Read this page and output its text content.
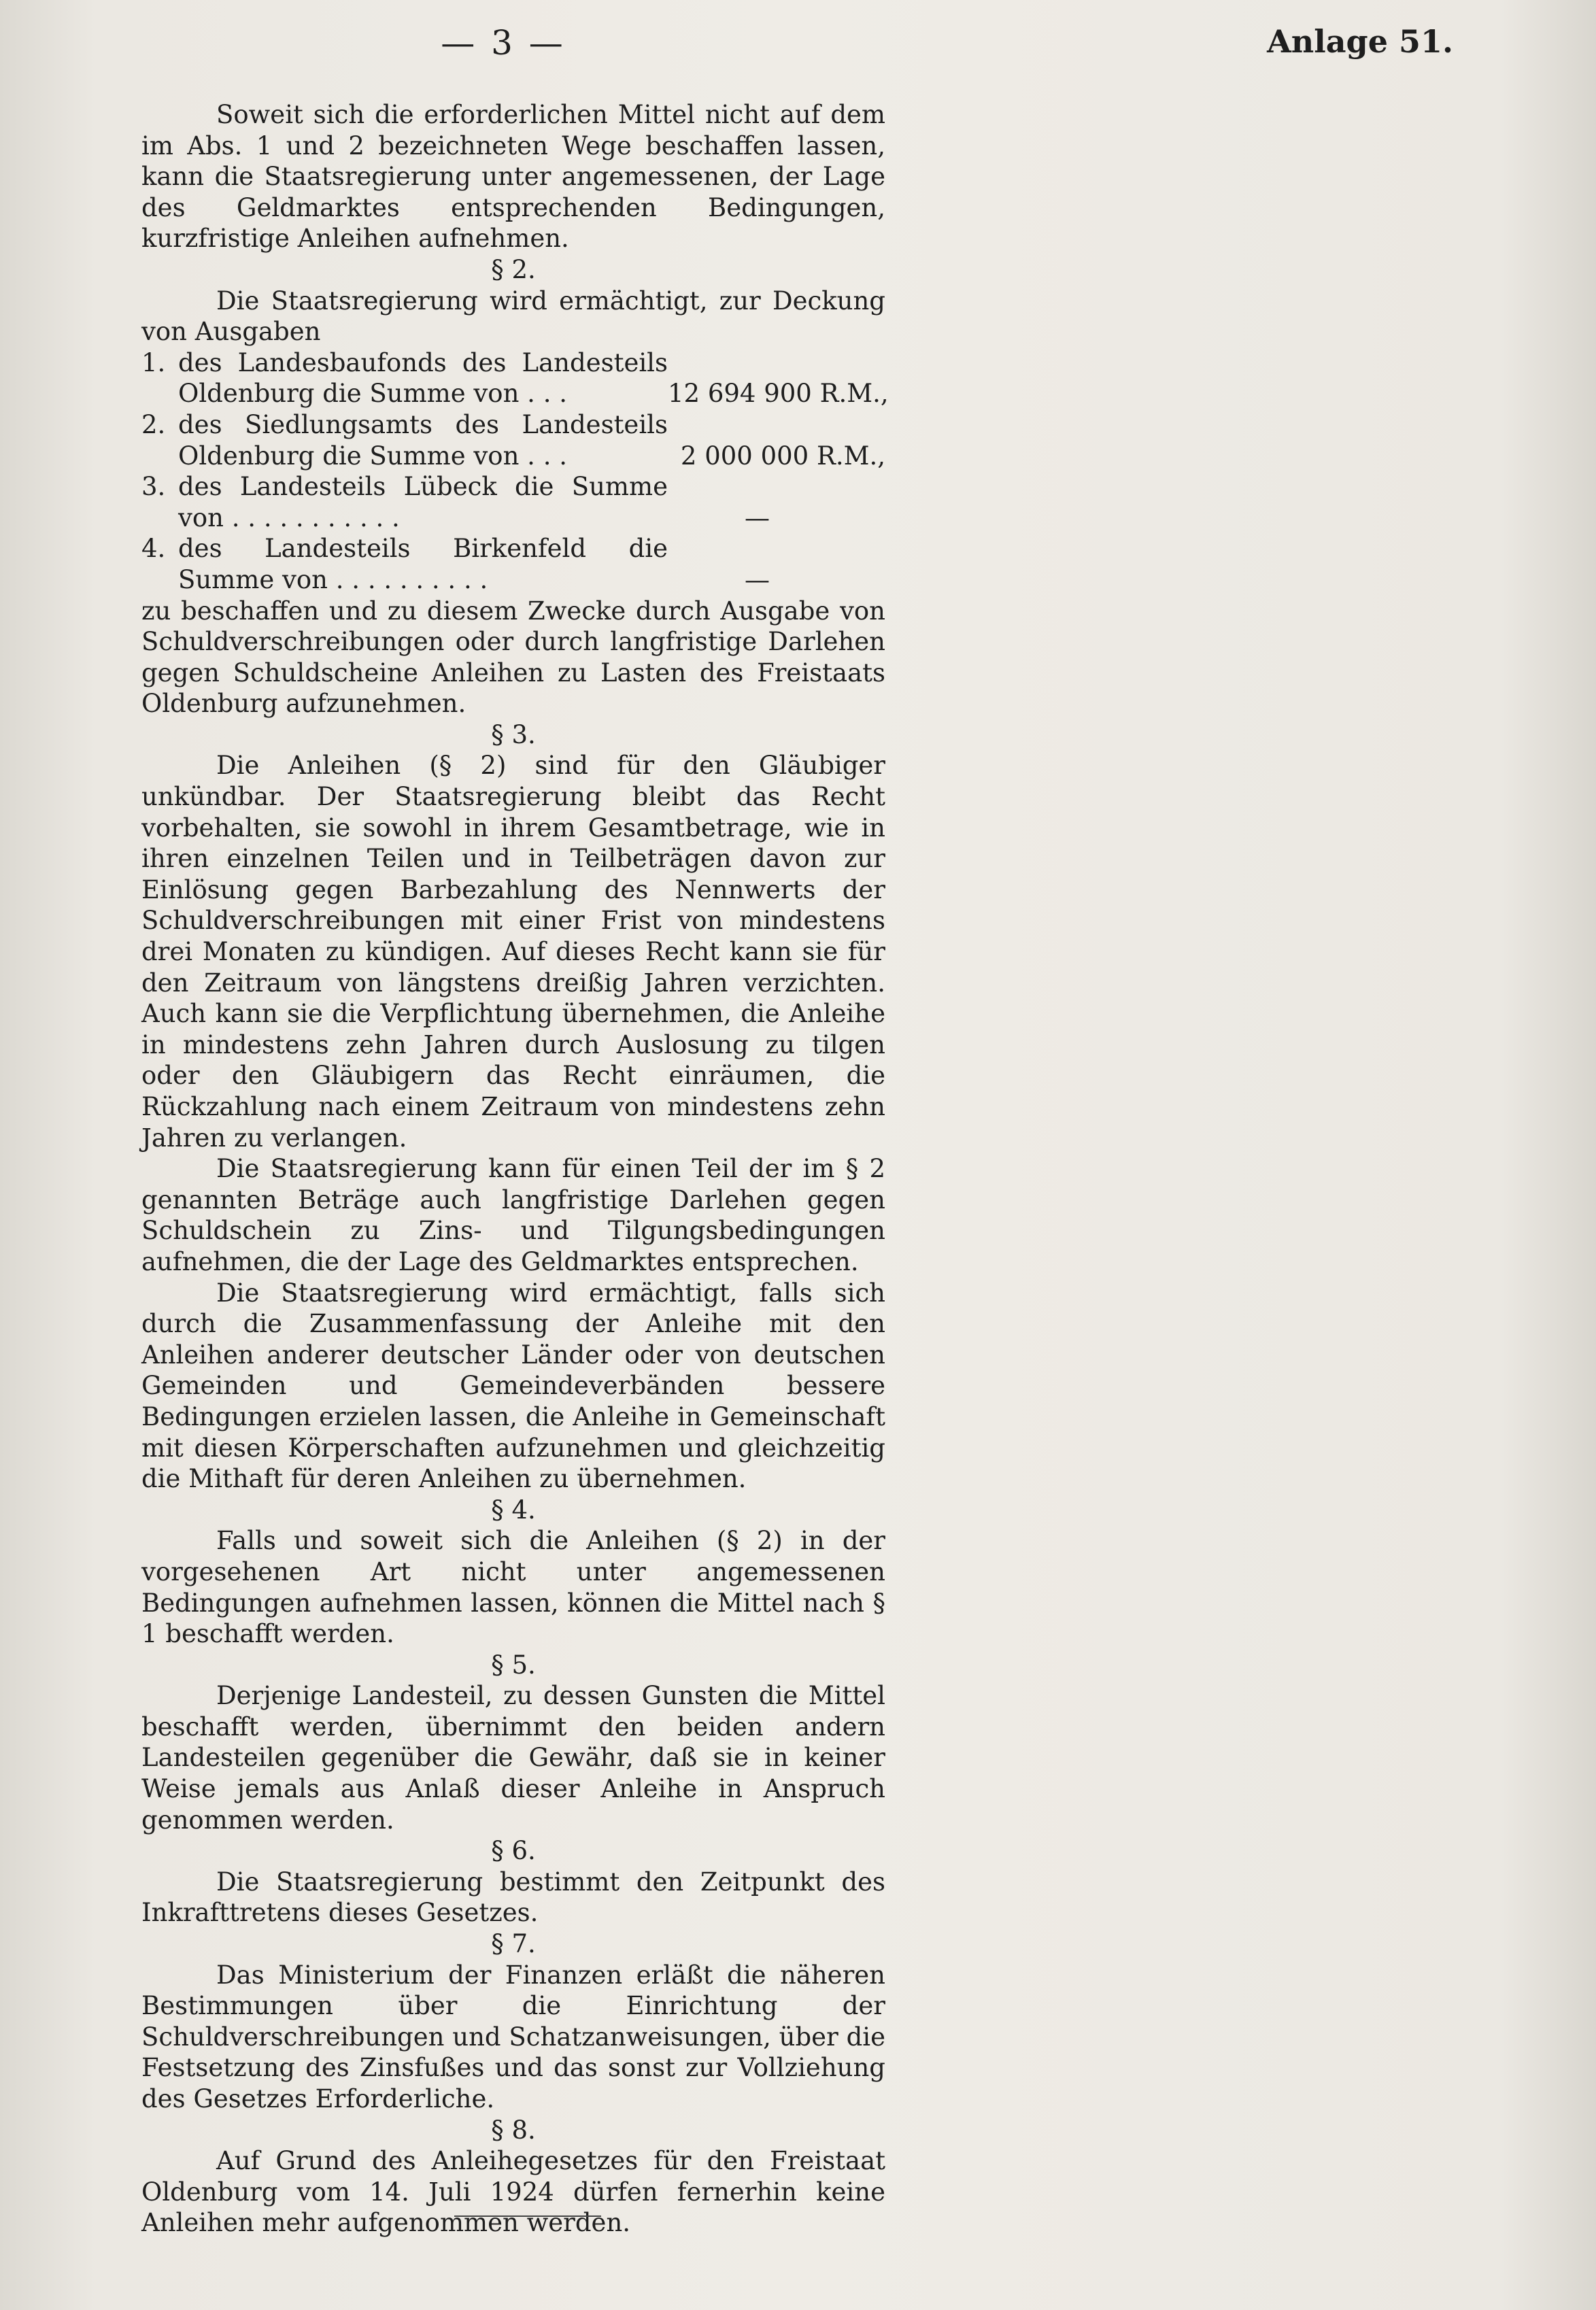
— 3 —	Anlage 51.

Soweit sich die erforderlichen Mittel nicht auf dem im Abs. 1 und 2 bezeichneten Wege beschaffen lassen, kann die Staatsregierung unter angemessenen, der Lage des Geldmarktes entsprechenden Bedingungen, kurzfristige Anleihen aufnehmen.

§ 2.

Die Staatsregierung wird ermächtigt, zur Deckung von Ausgaben

1. des Landesbaufonds des Landesteils Oldenburg die Summe von . . .	12 694 900 R.M.,
2. des Siedlungsamts des Landesteils Oldenburg die Summe von . . .	2 000 000 R.M.,
3. des Landesteils Lübeck die Summe von . . . . . . . . . . .	—
4. des Landesteils Birkenfeld die Summe von . . . . . . . . . .	—

zu beschaffen und zu diesem Zwecke durch Ausgabe von Schuldverschreibungen oder durch langfristige Darlehen gegen Schuldscheine Anleihen zu Lasten des Freistaats Oldenburg aufzunehmen.

§ 3.

Die Anleihen (§ 2) sind für den Gläubiger unkündbar. Der Staatsregierung bleibt das Recht vorbehalten, sie sowohl in ihrem Gesamtbetrage, wie in ihren einzelnen Teilen und in Teilbeträgen davon zur Einlösung gegen Barbezahlung des Nennwerts der Schuldverschreibungen mit einer Frist von mindestens drei Monaten zu kündigen. Auf dieses Recht kann sie für den Zeitraum von längstens dreißig Jahren verzichten. Auch kann sie die Verpflichtung übernehmen, die Anleihe in mindestens zehn Jahren durch Auslosung zu tilgen oder den Gläubigern das Recht einräumen, die Rückzahlung nach einem Zeitraum von mindestens zehn Jahren zu verlangen.

Die Staatsregierung kann für einen Teil der im § 2 genannten Beträge auch langfristige Darlehen gegen Schuldschein zu Zins- und Tilgungsbedingungen aufnehmen, die der Lage des Geldmarktes entsprechen.

Die Staatsregierung wird ermächtigt, falls sich durch die Zusammenfassung der Anleihe mit den Anleihen anderer deutscher Länder oder von deutschen Gemeinden und Gemeindeverbänden bessere Bedingungen erzielen lassen, die Anleihe in Gemeinschaft mit diesen Körperschaften aufzunehmen und gleichzeitig die Mithaft für deren Anleihen zu übernehmen.

§ 4.

Falls und soweit sich die Anleihen (§ 2) in der vorgesehenen Art nicht unter angemessenen Bedingungen aufnehmen lassen, können die Mittel nach § 1 beschafft werden.

§ 5.

Derjenige Landesteil, zu dessen Gunsten die Mittel beschafft werden, übernimmt den beiden andern Landesteilen gegenüber die Gewähr, daß sie in keiner Weise jemals aus Anlaß dieser Anleihe in Anspruch genommen werden.

§ 6.

Die Staatsregierung bestimmt den Zeitpunkt des Inkrafttretens dieses Gesetzes.

§ 7.

Das Ministerium der Finanzen erläßt die näheren Bestimmungen über die Einrichtung der Schuldverschreibungen und Schatzanweisungen, über die Festsetzung des Zinsfußes und das sonst zur Vollziehung des Gesetzes Erforderliche.

§ 8.

Auf Grund des Anleihegesetzes für den Freistaat Oldenburg vom 14. Juli 1924 dürfen fernerhin keine Anleihen mehr aufgenommen werden.
